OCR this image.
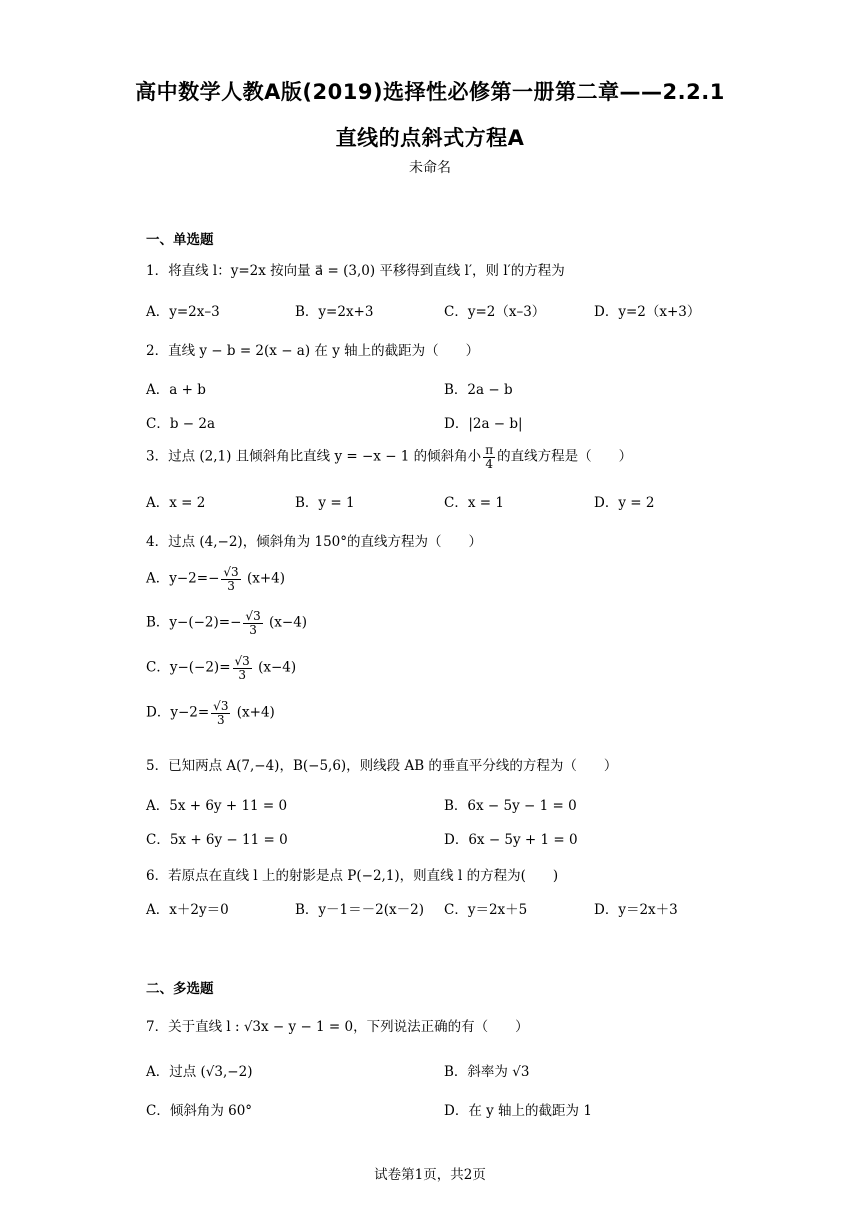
高中数学人教A版(2019)选择性必修第一册第二章——2.2.1
直线的点斜式方程A
未命名
一、单选题
1．将直线 l：y=2x 按向量 a⃗ = (3,0) 平移得到直线 l′，则 l′的方程为
A．y=2x–3	B．y=2x+3	C．y=2（x–3）	D．y=2（x+3）
2．直线 y − b = 2(x − a) 在 y 轴上的截距为（　　）
A．a + b	B．2a − b
C．b − 2a	D．|2a − b|
3．过点 (2,1) 且倾斜角比直线 y = −x − 1 的倾斜角小 $\frac{\pi}{4}$ 的直线方程是（　　）
A．x = 2	B．y = 1	C．x = 1	D．y = 2
4．过点 (4,−2)，倾斜角为 150°的直线方程为（　　）
A．$y-2=- \frac{√3}{3} (x+4)$
B．$y-(-2)=- \frac{√3}{3} (x-4)$
C．$y-(-2)= \frac{√3}{3} (x-4)$
D．$y-2= \frac{√3}{3} (x+4)$
5．已知两点 A(7,−4)，B(−5,6)，则线段 AB 的垂直平分线的方程为（　　）
A．5x + 6y + 11 = 0	B．6x − 5y − 1 = 0
C．5x + 6y − 11 = 0	D．6x − 5y + 1 = 0
6．若原点在直线 l 上的射影是点 P(−2,1)，则直线 l 的方程为(　　)
A．x＋2y＝0	B．y－1＝－2(x－2) C．y＝2x＋5	D．y＝2x＋3
二、多选题
7．关于直线 l : √3x − y − 1 = 0，下列说法正确的有（　　）
A．过点 (√3,−2)	B．斜率为 √3
C．倾斜角为 60°	D．在 y 轴上的截距为 1
试卷第1页，共2页
